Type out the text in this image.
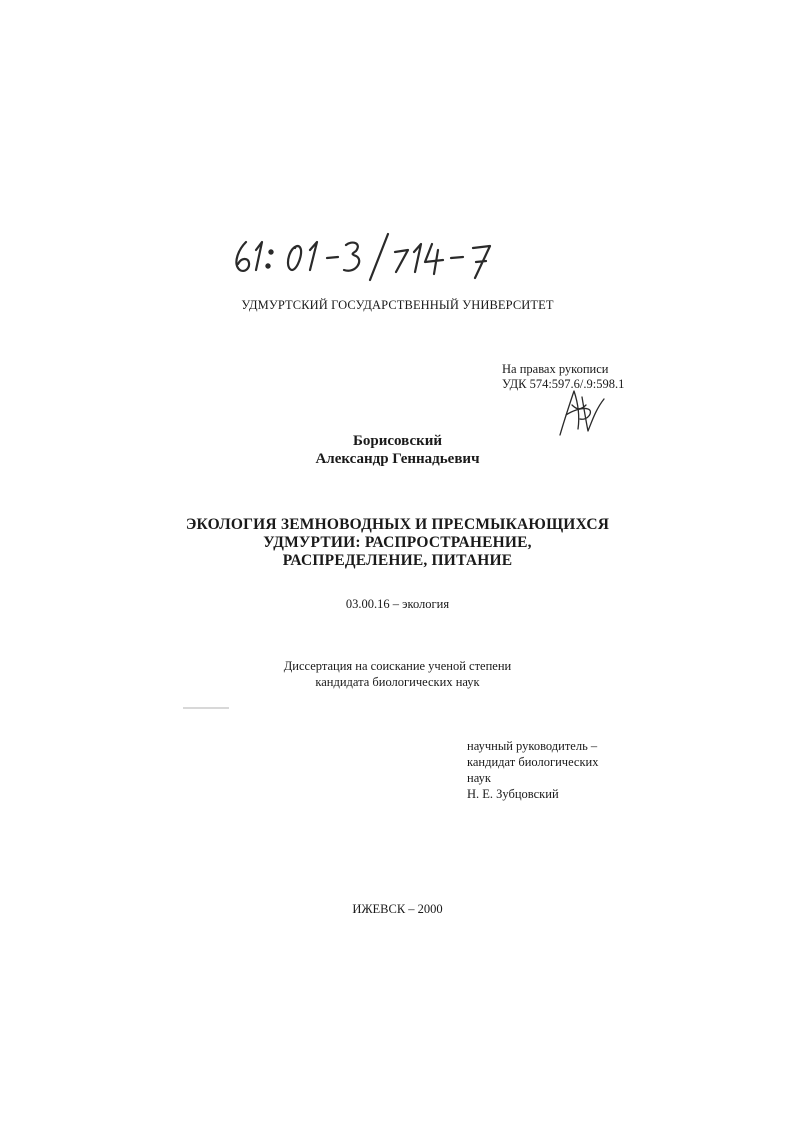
УДМУРТСКИЙ ГОСУДАРСТВЕННЫЙ УНИВЕРСИТЕТ
На правах рукописи
УДК 574:597.6/.9:598.1
Борисовский
Александр Геннадьевич
ЭКОЛОГИЯ ЗЕМНОВОДНЫХ И ПРЕСМЫКАЮЩИХСЯ
УДМУРТИИ: РАСПРОСТРАНЕНИЕ,
РАСПРЕДЕЛЕНИЕ, ПИТАНИЕ
03.00.16 – экология
Диссертация на соискание ученой степени
кандидата биологических наук
научный руководитель –
кандидат биологических
наук
Н. Е. Зубцовский
ИЖЕВСК – 2000
